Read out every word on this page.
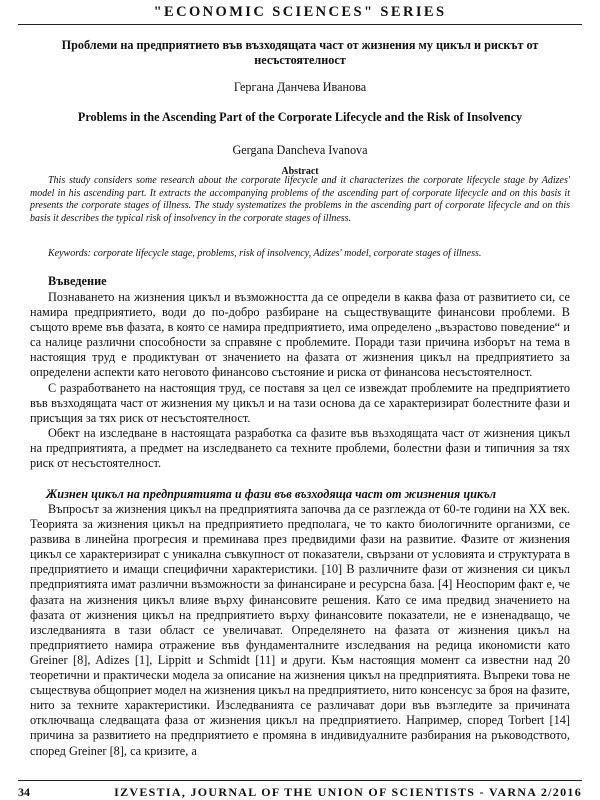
"ECONOMIC SCIENCES" SERIES
Проблеми на предприятието във възходящата част от жизнения му цикъл и рискът от несъстоятелност
Гергана Данчева Иванова
Problems in the Ascending Part of the Corporate Lifecycle and the Risk of Insolvency
Gergana Dancheva Ivanova
Abstract
This study considers some research about the corporate lifecycle and it characterizes the corporate lifecycle stage by Adizes' model in his ascending part. It extracts the accompanying problems of the ascending part of corporate lifecycle and on this basis it presents the corporate stages of illness. The study systematizes the problems in the ascending part of corporate lifecycle and on this basis it describes the typical risk of insolvency in the corporate stages of illness.
Keywords: corporate lifecycle stage, problems, risk of insolvency, Adizes' model, corporate stages of illness.
Въведение

Познаването на жизнения цикъл и възможността да се определи в каква фаза от развитието си, се намира предприятието, води до по-добро разбиране на съществуващите финансови проблеми. В същото време във фазата, в която се намира предприятието, има определено „възрастово поведение“ и са налице различни способности за справяне с проблемите. Поради тази причина изборът на тема в настоящия труд е продиктуван от значението на фазата от жизнения цикъл на предприятието за определени аспекти като неговото финансово състояние и риска от финансова несъстоятелност.

С разработването на настоящия труд, се поставя за цел се извеждат проблемите на предприятието във възходящата част от жизнения му цикъл и на тази основа да се характеризират болестните фази и присъщия за тях риск от несъстоятелност.

Обект на изследване в настоящата разработка са фазите във възходящата част от жизнения цикъл на предприятията, а предмет на изследването са техните проблеми, болестни фази и типичния за тях риск от несъстоятелност.

Жизнен цикъл на предприятията и фази във възходяща част от жизнения цикъл

Въпросът за жизнения цикъл на предприятията започва да се разглежда от 60-те години на ХХ век. Теорията за жизнения цикъл на предприятието предполага, че то както биологичните организми, се развива в линейна прогресия и преминава през предвидими фази на развитие. Фазите от жизнения цикъл се характеризират с уникална съвкупност от показатели, свързани от условията и структурата в предприятието и имащи специфични характеристики. [10] В различните фази от жизнения си цикъл предприятията имат различни възможности за финансиране и ресурсна база. [4] Неоспорим факт е, че фазата на жизнения цикъл влияе върху финансовите решения. Като се има предвид значението на фазата от жизнения цикъл на предприятието върху финансовите показатели, не е изненадващо, че изследванията в тази област се увеличават. Определянето на фазата от жизнения цикъл на предприятието намира отражение във фундаменталните изследвания на редица икономисти като Greiner [8], Adizes [1], Lippitt и Schmidt [11] и други. Към настоящия момент са известни над 20 теоретични и практически модела за описание на жизнения цикъл на предприятията. Въпреки това не съществува общоприет модел на жизнения цикъл на предприятието, нито консенсус за броя на фазите, нито за техните характеристики. Изследванията се различават дори във възгледите за причината отключваща следващата фаза от жизнения цикъл на предприятието. Например, според Torbert [14] причина за развитието на предприятието е промяна в индивидуалните разбирания на ръководството, според Greiner [8], са кризите, а

34	IZVESTIA, JOURNAL OF THE UNION OF SCIENTISTS - VARNA 2/2016
